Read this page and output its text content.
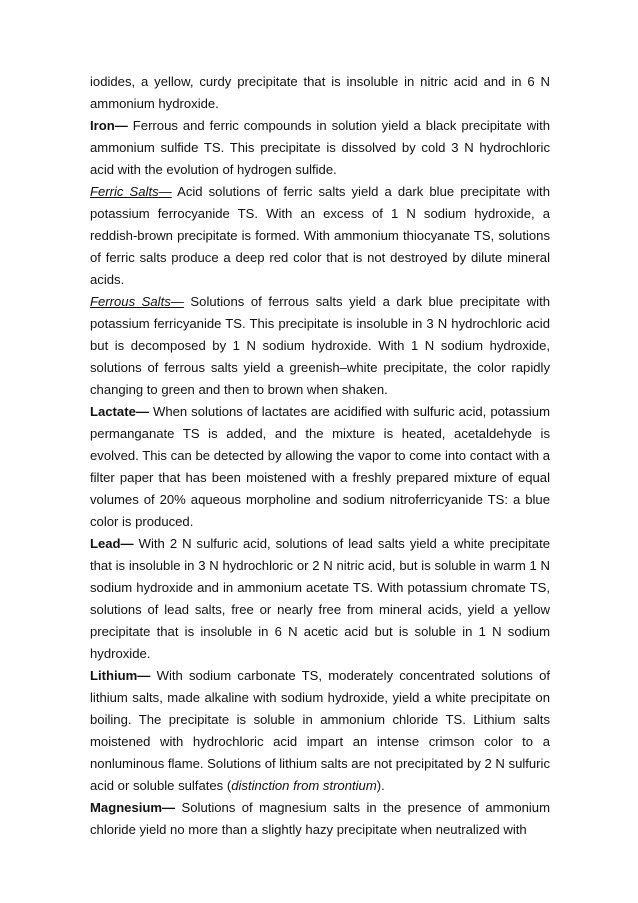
iodides, a yellow, curdy precipitate that is insoluble in nitric acid and in 6 N ammonium hydroxide.

Iron— Ferrous and ferric compounds in solution yield a black precipitate with ammonium sulfide TS. This precipitate is dissolved by cold 3 N hydrochloric acid with the evolution of hydrogen sulfide.

Ferric Salts— Acid solutions of ferric salts yield a dark blue precipitate with potassium ferrocyanide TS. With an excess of 1 N sodium hydroxide, a reddish-brown precipitate is formed. With ammonium thiocyanate TS, solutions of ferric salts produce a deep red color that is not destroyed by dilute mineral acids.

Ferrous Salts— Solutions of ferrous salts yield a dark blue precipitate with potassium ferricyanide TS. This precipitate is insoluble in 3 N hydrochloric acid but is decomposed by 1 N sodium hydroxide. With 1 N sodium hydroxide, solutions of ferrous salts yield a greenish–white precipitate, the color rapidly changing to green and then to brown when shaken.

Lactate— When solutions of lactates are acidified with sulfuric acid, potassium permanganate TS is added, and the mixture is heated, acetaldehyde is evolved. This can be detected by allowing the vapor to come into contact with a filter paper that has been moistened with a freshly prepared mixture of equal volumes of 20% aqueous morpholine and sodium nitroferricyanide TS: a blue color is produced.

Lead— With 2 N sulfuric acid, solutions of lead salts yield a white precipitate that is insoluble in 3 N hydrochloric or 2 N nitric acid, but is soluble in warm 1 N sodium hydroxide and in ammonium acetate TS. With potassium chromate TS, solutions of lead salts, free or nearly free from mineral acids, yield a yellow precipitate that is insoluble in 6 N acetic acid but is soluble in 1 N sodium hydroxide.

Lithium— With sodium carbonate TS, moderately concentrated solutions of lithium salts, made alkaline with sodium hydroxide, yield a white precipitate on boiling. The precipitate is soluble in ammonium chloride TS. Lithium salts moistened with hydrochloric acid impart an intense crimson color to a nonluminous flame. Solutions of lithium salts are not precipitated by 2 N sulfuric acid or soluble sulfates (distinction from strontium).

Magnesium— Solutions of magnesium salts in the presence of ammonium chloride yield no more than a slightly hazy precipitate when neutralized with
